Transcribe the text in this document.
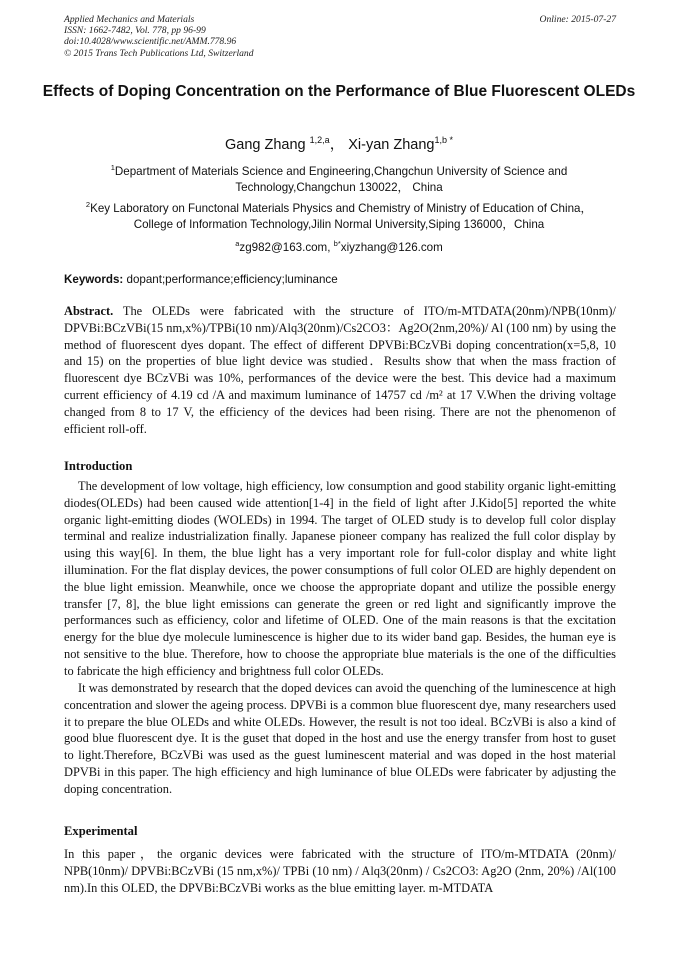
Applied Mechanics and Materials
ISSN: 1662-7482, Vol. 778, pp 96-99
doi:10.4028/www.scientific.net/AMM.778.96
© 2015 Trans Tech Publications Ltd, Switzerland
Online: 2015-07-27
Effects of Doping Concentration on the Performance of Blue Fluorescent OLEDs
Gang Zhang $^{1,2,a}$， Xi-yan Zhang$^{1,b *}$
$^1$Department of Materials Science and Engineering,Changchun University of Science and
Technology,Changchun 130022， China
$^2$Key Laboratory on Functonal Materials Physics and Chemistry of Ministry of Education of China，
College of Information Technology,Jilin Normal University,Siping 136000，China
$^a$zg982@163.com, $^{b*}$xiyzhang@126.com
Keywords: dopant;performance;efficiency;luminance
Abstract. The OLEDs were fabricated with the structure of ITO/m-MTDATA(20nm)/NPB(10nm)/ DPVBi:BCzVBi(15 nm,x%)/TPBi(10 nm)/Alq3(20nm)/Cs2CO3：Ag2O(2nm,20%)/ Al (100 nm) by using the method of fluorescent dyes dopant. The effect of different DPVBi:BCzVBi doping concentration(x=5,8, 10 and 15) on the properties of blue light device was studied．Results show that when the mass fraction of fluorescent dye BCzVBi was 10%, performances of the device were the best. This device had a maximum current efficiency of 4.19 cd /A and maximum luminance of 14757 cd /m² at 17 V.When the driving voltage changed from 8 to 17 V, the efficiency of the devices had been rising. There are not the phenomenon of efficient roll-off.
Introduction
The development of low voltage, high efficiency, low consumption and good stability organic light-emitting diodes(OLEDs) had been caused wide attention[1-4] in the field of light after J.Kido[5] reported the white organic light-emitting diodes (WOLEDs) in 1994. The target of OLED study is to develop full color display terminal and realize industrialization finally. Japanese pioneer company has realized the full color display by using this way[6]. In them, the blue light has a very important role for full-color display and white light illumination. For the flat display devices, the power consumptions of full color OLED are highly dependent on the blue light emission. Meanwhile, once we choose the appropriate dopant and utilize the possible energy transfer [7, 8], the blue light emissions can generate the green or red light and significantly improve the performances such as efficiency, color and lifetime of OLED. One of the main reasons is that the excitation energy for the blue dye molecule luminescence is higher due to its wider band gap. Besides, the human eye is not sensitive to the blue. Therefore, how to choose the appropriate blue materials is the one of the difficulties to fabricate the high efficiency and brightness full color OLEDs.
It was demonstrated by research that the doped devices can avoid the quenching of the luminescence at high concentration and slower the ageing process. DPVBi is a common blue fluorescent dye, many researchers used it to prepare the blue OLEDs and white OLEDs. However, the result is not too ideal. BCzVBi is also a kind of good blue fluorescent dye. It is the guset that doped in the host and use the energy transfer from host to guset to light.Therefore, BCzVBi was used as the guest luminescent material and was doped in the host material DPVBi in this paper. The high efficiency and high luminance of blue OLEDs were fabricater by adjusting the doping concentration.
Experimental
In this paper，the organic devices were fabricated with the structure of ITO/m-MTDATA (20nm)/ NPB(10nm)/ DPVBi:BCzVBi (15 nm,x%)/ TPBi (10 nm) / Alq3(20nm) / Cs2CO3: Ag2O (2nm, 20%) /Al(100 nm).In this OLED, the DPVBi:BCzVBi works as the blue emitting layer. m-MTDATA
